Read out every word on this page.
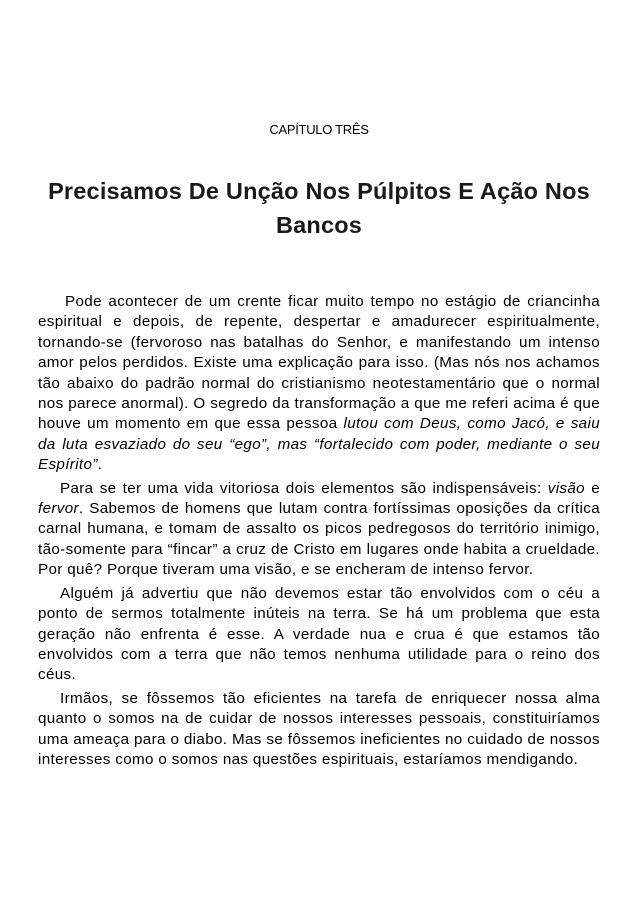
CAPÍTULO TRÊS
Precisamos De Unção Nos Púlpitos E Ação Nos Bancos

Pode acontecer de um crente ficar muito tempo no estágio de criancinha espiritual e depois, de repente, despertar e amadurecer espiritualmente, tornando-se (fervoroso nas batalhas do Senhor, e manifestando um intenso amor pelos perdidos. Existe uma explicação para isso. (Mas nós nos achamos tão abaixo do padrão normal do cristianismo neotestamentário que o normal nos parece anormal). O segredo da transformação a que me referi acima é que houve um momento em que essa pessoa lutou com Deus, como Jacó, e saiu da luta esvaziado do seu “ego”, mas “fortalecido com poder, mediante o seu Espírito”.

Para se ter uma vida vitoriosa dois elementos são indispensáveis: visão e fervor. Sabemos de homens que lutam contra fortíssimas oposições da crítica carnal humana, e tomam de assalto os picos pedregosos do território inimigo, tão-somente para “fincar” a cruz de Cristo em lugares onde habita a crueldade. Por quê? Porque tiveram uma visão, e se encheram de intenso fervor.

Alguém já advertiu que não devemos estar tão envolvidos com o céu a ponto de sermos totalmente inúteis na terra. Se há um problema que esta geração não enfrenta é esse. A verdade nua e crua é que estamos tão envolvidos com a terra que não temos nenhuma utilidade para o reino dos céus.

Irmãos, se fôssemos tão eficientes na tarefa de enriquecer nossa alma quanto o somos na de cuidar de nossos interesses pessoais, constituiríamos uma ameaça para o diabo. Mas se fôssemos ineficientes no cuidado de nossos interesses como o somos nas questões espirituais, estaríamos mendigando.
